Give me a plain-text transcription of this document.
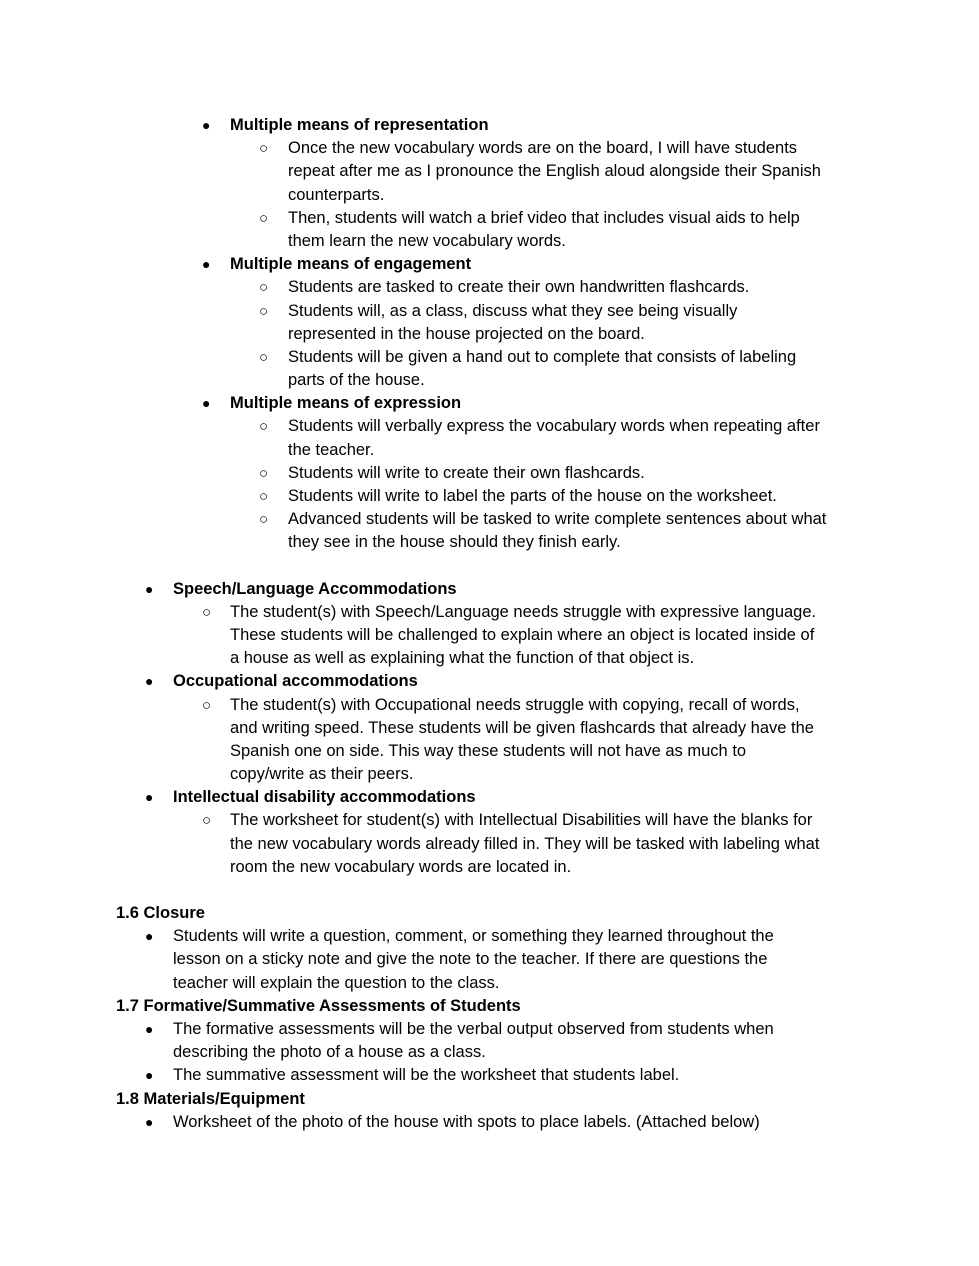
● Multiple means of representation
○ Once the new vocabulary words are on the board, I will have students
repeat after me as I pronounce the English aloud alongside their Spanish
counterparts.
○ Then, students will watch a brief video that includes visual aids to help
them learn the new vocabulary words.
● Multiple means of engagement
○ Students are tasked to create their own handwritten flashcards.
○ Students will, as a class, discuss what they see being visually
represented in the house projected on the board.
○ Students will be given a hand out to complete that consists of labeling
parts of the house.
● Multiple means of expression
○ Students will verbally express the vocabulary words when repeating after
the teacher.
○ Students will write to create their own flashcards.
○ Students will write to label the parts of the house on the worksheet.
○ Advanced students will be tasked to write complete sentences about what
they see in the house should they finish early.
● Speech/Language Accommodations
○ The student(s) with Speech/Language needs struggle with expressive language.
These students will be challenged to explain where an object is located inside of
a house as well as explaining what the function of that object is.
● Occupational accommodations
○ The student(s) with Occupational needs struggle with copying, recall of words,
and writing speed. These students will be given flashcards that already have the
Spanish one on side. This way these students will not have as much to
copy/write as their peers.
● Intellectual disability accommodations
○ The worksheet for student(s) with Intellectual Disabilities will have the blanks for
the new vocabulary words already filled in. They will be tasked with labeling what
room the new vocabulary words are located in.
1.6 Closure
● Students will write a question, comment, or something they learned throughout the
lesson on a sticky note and give the note to the teacher. If there are questions the
teacher will explain the question to the class.
1.7 Formative/Summative Assessments of Students
● The formative assessments will be the verbal output observed from students when
describing the photo of a house as a class.
● The summative assessment will be the worksheet that students label.
1.8 Materials/Equipment
● Worksheet of the photo of the house with spots to place labels. (Attached below)
